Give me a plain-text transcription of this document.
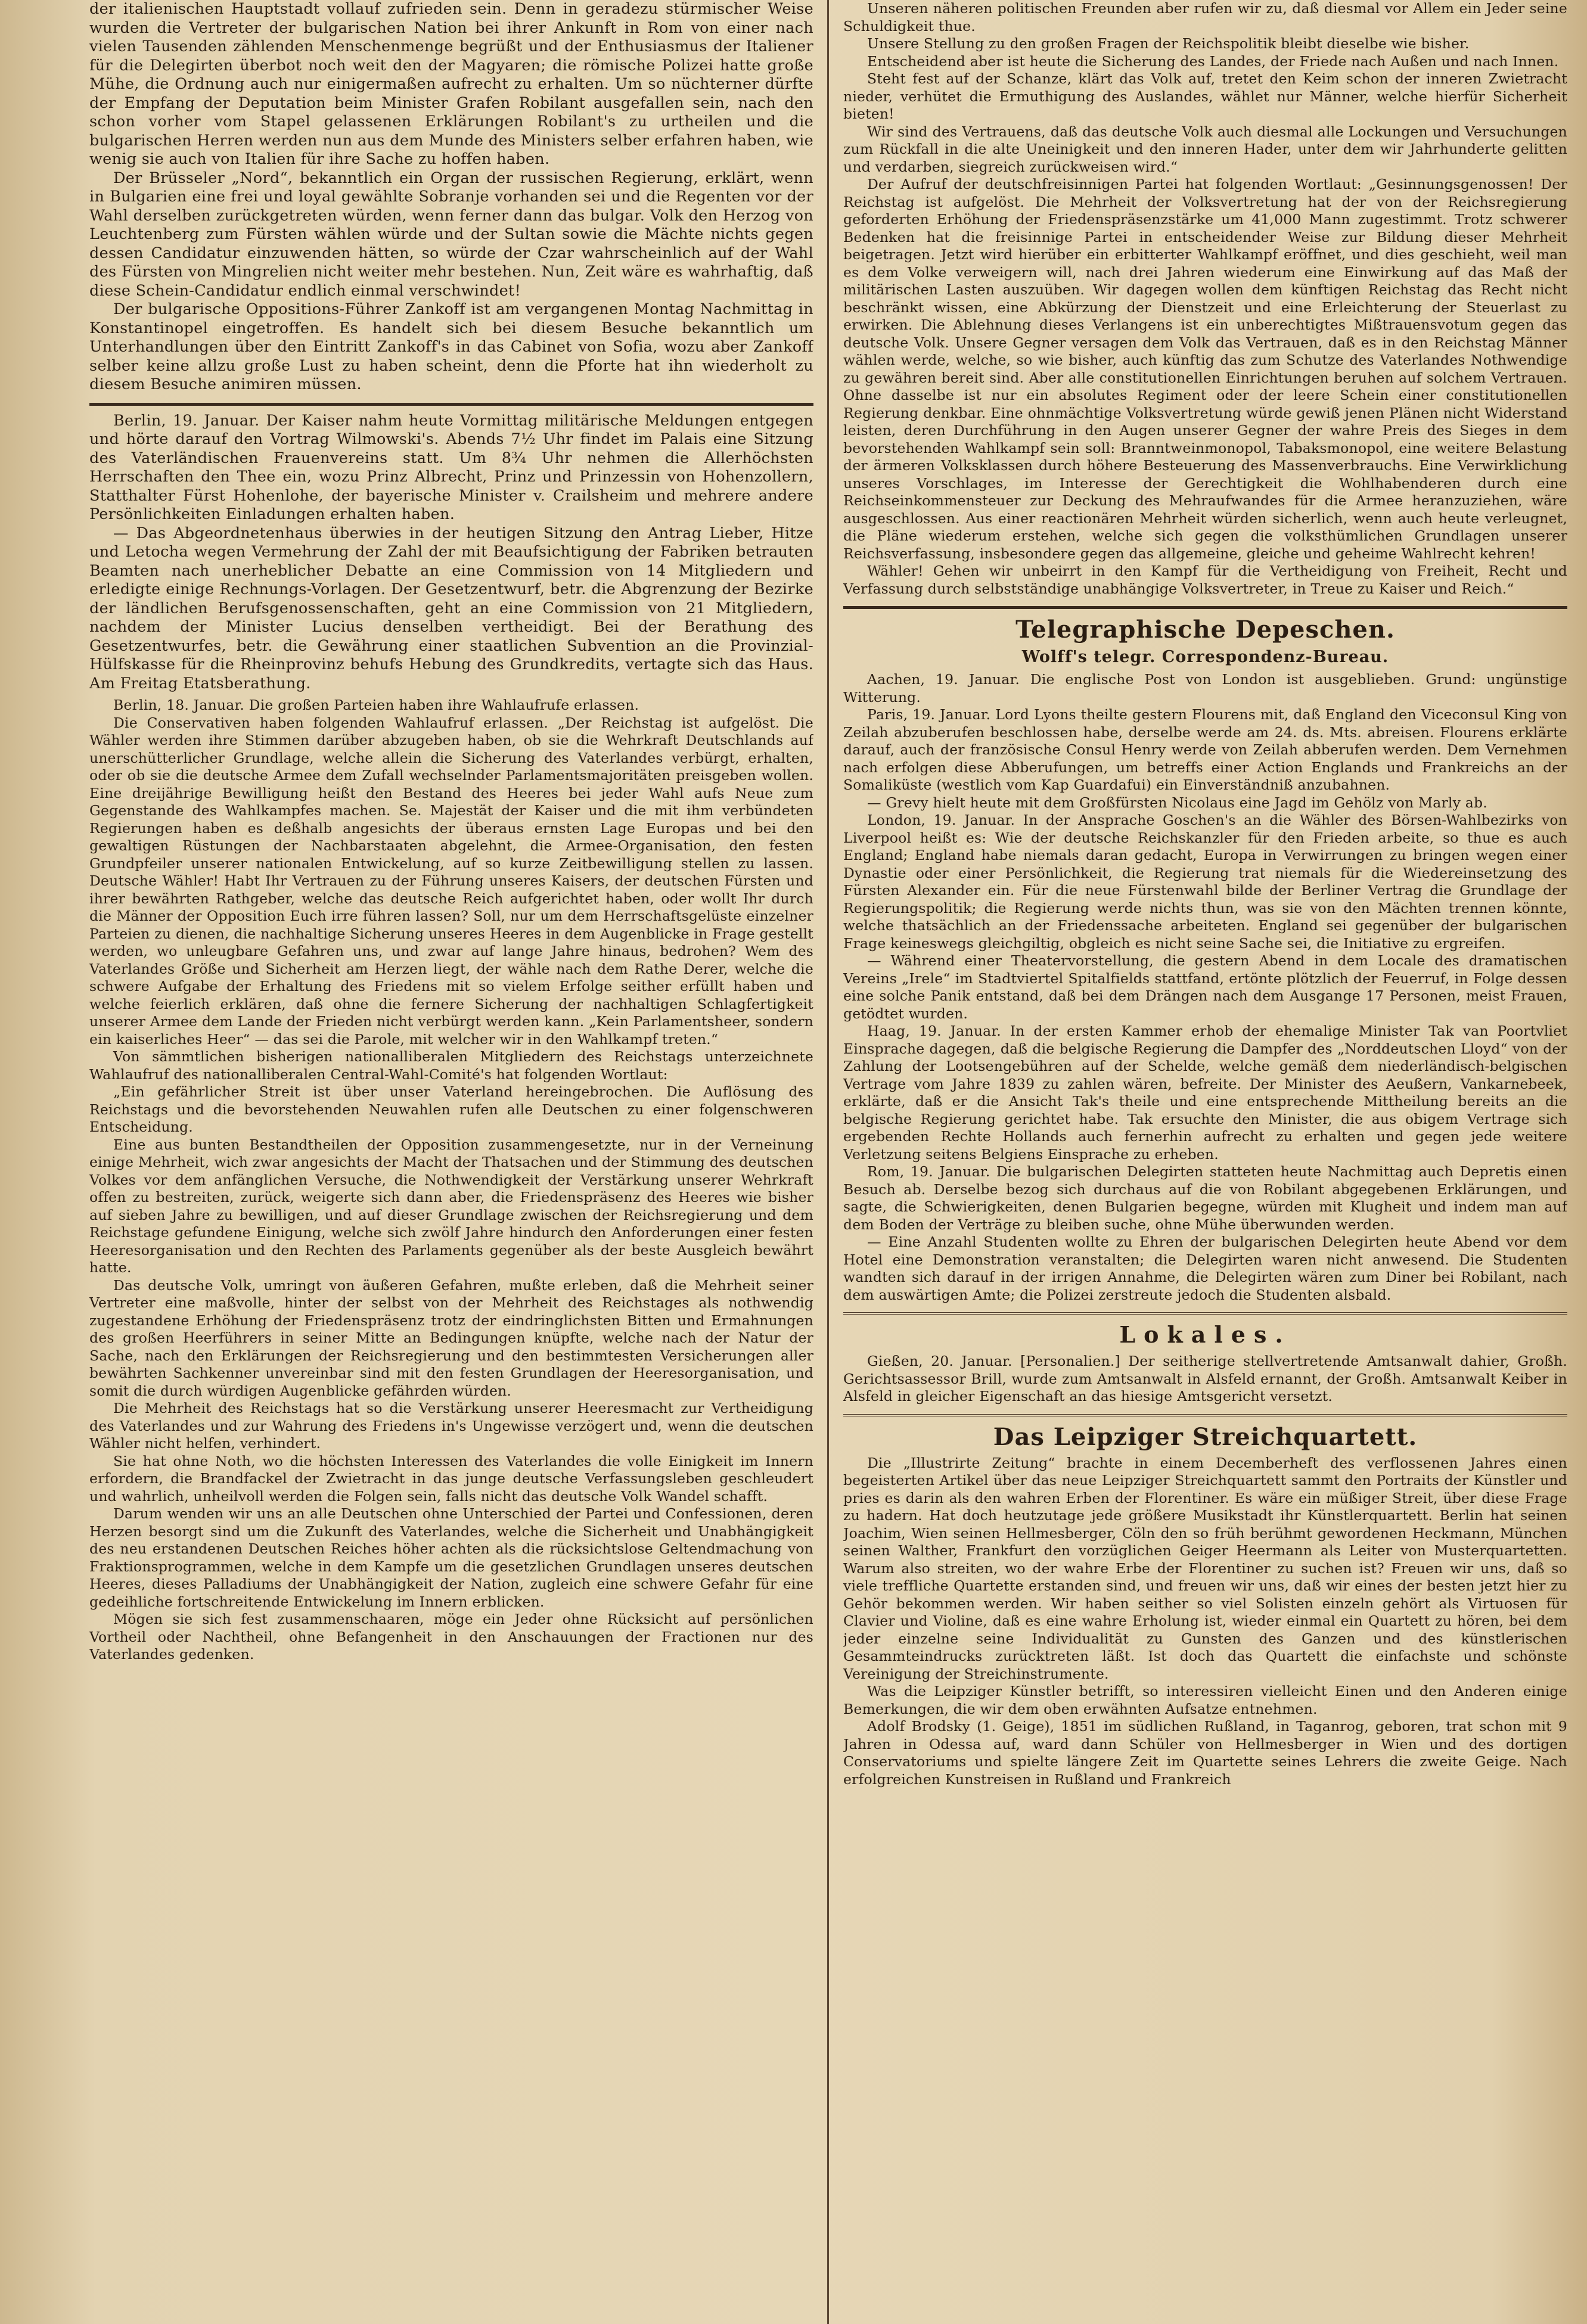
der italienischen Hauptstadt vollauf zufrieden sein. Denn in geradezu stürmischer Weise wurden die Vertreter der bulgarischen Nation bei ihrer Ankunft in Rom von einer nach vielen Tausenden zählenden Menschenmenge begrüßt und der Enthusiasmus der Italiener für die Delegirten überbot noch weit den der Magyaren; die römische Polizei hatte große Mühe, die Ordnung auch nur einigermaßen aufrecht zu erhalten. Um so nüchterner dürfte der Empfang der Deputation beim Minister Grafen Robilant ausgefallen sein, nach den schon vorher vom Stapel gelassenen Erklärungen Robilant's zu urtheilen und die bulgarischen Herren werden nun aus dem Munde des Ministers selber erfahren haben, wie wenig sie auch von Italien für ihre Sache zu hoffen haben.

Der Brüsseler „Nord“, bekanntlich ein Organ der russischen Regierung, erklärt, wenn in Bulgarien eine frei und loyal gewählte Sobranje vorhanden sei und die Regenten vor der Wahl derselben zurückgetreten würden, wenn ferner dann das bulgar. Volk den Herzog von Leuchtenberg zum Fürsten wählen würde und der Sultan sowie die Mächte nichts gegen dessen Candidatur einzuwenden hätten, so würde der Czar wahrscheinlich auf der Wahl des Fürsten von Mingrelien nicht weiter mehr bestehen. Nun, Zeit wäre es wahrhaftig, daß diese Schein-Candidatur endlich einmal verschwindet!

Der bulgarische Oppositions-Führer Zankoff ist am vergangenen Montag Nachmittag in Konstantinopel eingetroffen. Es handelt sich bei diesem Besuche bekanntlich um Unterhandlungen über den Eintritt Zankoff's in das Cabinet von Sofia, wozu aber Zankoff selber keine allzu große Lust zu haben scheint, denn die Pforte hat ihn wiederholt zu diesem Besuche animiren müssen.

Berlin, 19. Januar. Der Kaiser nahm heute Vormittag militärische Meldungen entgegen und hörte darauf den Vortrag Wilmowski's. Abends 7½ Uhr findet im Palais eine Sitzung des Vaterländischen Frauenvereins statt. Um 8¾ Uhr nehmen die Allerhöchsten Herrschaften den Thee ein, wozu Prinz Albrecht, Prinz und Prinzessin von Hohenzollern, Statthalter Fürst Hohenlohe, der bayerische Minister v. Crailsheim und mehrere andere Persönlichkeiten Einladungen erhalten haben.

— Das Abgeordnetenhaus überwies in der heutigen Sitzung den Antrag Lieber, Hitze und Letocha wegen Vermehrung der Zahl der mit Beaufsichtigung der Fabriken betrauten Beamten nach unerheblicher Debatte an eine Commission von 14 Mitgliedern und erledigte einige Rechnungs-Vorlagen. Der Gesetzentwurf, betr. die Abgrenzung der Bezirke der ländlichen Berufsgenossenschaften, geht an eine Commission von 21 Mitgliedern, nachdem der Minister Lucius denselben vertheidigt. Bei der Berathung des Gesetzentwurfes, betr. die Gewährung einer staatlichen Subvention an die Provinzial-Hülfskasse für die Rheinprovinz behufs Hebung des Grundkredits, vertagte sich das Haus. Am Freitag Etatsberathung.

Berlin, 18. Januar. Die großen Parteien haben ihre Wahlaufrufe erlassen.

Die Conservativen haben folgenden Wahlaufruf erlassen. „Der Reichstag ist aufgelöst. Die Wähler werden ihre Stimmen darüber abzugeben haben, ob sie die Wehrkraft Deutschlands auf unerschütterlicher Grundlage, welche allein die Sicherung des Vaterlandes verbürgt, erhalten, oder ob sie die deutsche Armee dem Zufall wechselnder Parlamentsmajoritäten preisgeben wollen. Eine dreijährige Bewilligung heißt den Bestand des Heeres bei jeder Wahl aufs Neue zum Gegenstande des Wahlkampfes machen. Se. Majestät der Kaiser und die mit ihm verbündeten Regierungen haben es deßhalb angesichts der überaus ernsten Lage Europas und bei den gewaltigen Rüstungen der Nachbarstaaten abgelehnt, die Armee-Organisation, den festen Grundpfeiler unserer nationalen Entwickelung, auf so kurze Zeitbewilligung stellen zu lassen. Deutsche Wähler! Habt Ihr Vertrauen zu der Führung unseres Kaisers, der deutschen Fürsten und ihrer bewährten Rathgeber, welche das deutsche Reich aufgerichtet haben, oder wollt Ihr durch die Männer der Opposition Euch irre führen lassen? Soll, nur um dem Herrschaftsgelüste einzelner Parteien zu dienen, die nachhaltige Sicherung unseres Heeres in dem Augenblicke in Frage gestellt werden, wo unleugbare Gefahren uns, und zwar auf lange Jahre hinaus, bedrohen? Wem des Vaterlandes Größe und Sicherheit am Herzen liegt, der wähle nach dem Rathe Derer, welche die schwere Aufgabe der Erhaltung des Friedens mit so vielem Erfolge seither erfüllt haben und welche feierlich erklären, daß ohne die fernere Sicherung der nachhaltigen Schlagfertigkeit unserer Armee dem Lande der Frieden nicht verbürgt werden kann. „Kein Parlamentsheer, sondern ein kaiserliches Heer“ — das sei die Parole, mit welcher wir in den Wahlkampf treten.“

Von sämmtlichen bisherigen nationalliberalen Mitgliedern des Reichstags unterzeichnete Wahlaufruf des nationalliberalen Central-Wahl-Comité's hat folgenden Wortlaut:

„Ein gefährlicher Streit ist über unser Vaterland hereingebrochen. Die Auflösung des Reichstags und die bevorstehenden Neuwahlen rufen alle Deutschen zu einer folgenschweren Entscheidung.

Eine aus bunten Bestandtheilen der Opposition zusammengesetzte, nur in der Verneinung einige Mehrheit, wich zwar angesichts der Macht der Thatsachen und der Stimmung des deutschen Volkes vor dem anfänglichen Versuche, die Nothwendigkeit der Verstärkung unserer Wehrkraft offen zu bestreiten, zurück, weigerte sich dann aber, die Friedenspräsenz des Heeres wie bisher auf sieben Jahre zu bewilligen, und auf dieser Grundlage zwischen der Reichsregierung und dem Reichstage gefundene Einigung, welche sich zwölf Jahre hindurch den Anforderungen einer festen Heeresorganisation und den Rechten des Parlaments gegenüber als der beste Ausgleich bewährt hatte.

Das deutsche Volk, umringt von äußeren Gefahren, mußte erleben, daß die Mehrheit seiner Vertreter eine maßvolle, hinter der selbst von der Mehrheit des Reichstages als nothwendig zugestandene Erhöhung der Friedenspräsenz trotz der eindringlichsten Bitten und Ermahnungen des großen Heerführers in seiner Mitte an Bedingungen knüpfte, welche nach der Natur der Sache, nach den Erklärungen der Reichsregierung und den bestimmtesten Versicherungen aller bewährten Sachkenner unvereinbar sind mit den festen Grundlagen der Heeresorganisation, und somit die durch würdigen Augenblicke gefährden würden.

Die Mehrheit des Reichstags hat so die Verstärkung unserer Heeresmacht zur Vertheidigung des Vaterlandes und zur Wahrung des Friedens in's Ungewisse verzögert und, wenn die deutschen Wähler nicht helfen, verhindert.

Sie hat ohne Noth, wo die höchsten Interessen des Vaterlandes die volle Einigkeit im Innern erfordern, die Brandfackel der Zwietracht in das junge deutsche Verfassungsleben geschleudert und wahrlich, unheilvoll werden die Folgen sein, falls nicht das deutsche Volk Wandel schafft.

Darum wenden wir uns an alle Deutschen ohne Unterschied der Partei und Confessionen, deren Herzen besorgt sind um die Zukunft des Vaterlandes, welche die Sicherheit und Unabhängigkeit des neu erstandenen Deutschen Reiches höher achten als die rücksichtslose Geltendmachung von Fraktionsprogrammen, welche in dem Kampfe um die gesetzlichen Grundlagen unseres deutschen Heeres, dieses Palladiums der Unabhängigkeit der Nation, zugleich eine schwere Gefahr für eine gedeihliche fortschreitende Entwickelung im Innern erblicken.

Mögen sie sich fest zusammenschaaren, möge ein Jeder ohne Rücksicht auf persönlichen Vortheil oder Nachtheil, ohne Befangenheit in den Anschauungen der Fractionen nur des Vaterlandes gedenken.

Unseren näheren politischen Freunden aber rufen wir zu, daß diesmal vor Allem ein Jeder seine Schuldigkeit thue.

Unsere Stellung zu den großen Fragen der Reichspolitik bleibt dieselbe wie bisher.

Entscheidend aber ist heute die Sicherung des Landes, der Friede nach Außen und nach Innen.

Steht fest auf der Schanze, klärt das Volk auf, tretet den Keim schon der inneren Zwietracht nieder, verhütet die Ermuthigung des Auslandes, wählet nur Männer, welche hierfür Sicherheit bieten!

Wir sind des Vertrauens, daß das deutsche Volk auch diesmal alle Lockungen und Versuchungen zum Rückfall in die alte Uneinigkeit und den inneren Hader, unter dem wir Jahrhunderte gelitten und verdarben, siegreich zurückweisen wird.“

Der Aufruf der deutschfreisinnigen Partei hat folgenden Wortlaut: „Gesinnungsgenossen! Der Reichstag ist aufgelöst. Die Mehrheit der Volksvertretung hat der von der Reichsregierung geforderten Erhöhung der Friedenspräsenzstärke um 41,000 Mann zugestimmt. Trotz schwerer Bedenken hat die freisinnige Partei in entscheidender Weise zur Bildung dieser Mehrheit beigetragen. Jetzt wird hierüber ein erbitterter Wahlkampf eröffnet, und dies geschieht, weil man es dem Volke verweigern will, nach drei Jahren wiederum eine Einwirkung auf das Maß der militärischen Lasten auszuüben. Wir dagegen wollen dem künftigen Reichstag das Recht nicht beschränkt wissen, eine Abkürzung der Dienstzeit und eine Erleichterung der Steuerlast zu erwirken. Die Ablehnung dieses Verlangens ist ein unberechtigtes Mißtrauensvotum gegen das deutsche Volk. Unsere Gegner versagen dem Volk das Vertrauen, daß es in den Reichstag Männer wählen werde, welche, so wie bisher, auch künftig das zum Schutze des Vaterlandes Nothwendige zu gewähren bereit sind. Aber alle constitutionellen Einrichtungen beruhen auf solchem Vertrauen. Ohne dasselbe ist nur ein absolutes Regiment oder der leere Schein einer constitutionellen Regierung denkbar. Eine ohnmächtige Volksvertretung würde gewiß jenen Plänen nicht Widerstand leisten, deren Durchführung in den Augen unserer Gegner der wahre Preis des Sieges in dem bevorstehenden Wahlkampf sein soll: Branntweinmonopol, Tabaksmonopol, eine weitere Belastung der ärmeren Volksklassen durch höhere Besteuerung des Massenverbrauchs. Eine Verwirklichung unseres Vorschlages, im Interesse der Gerechtigkeit die Wohlhabenderen durch eine Reichseinkommensteuer zur Deckung des Mehraufwandes für die Armee heranzuziehen, wäre ausgeschlossen. Aus einer reactionären Mehrheit würden sicherlich, wenn auch heute verleugnet, die Pläne wiederum erstehen, welche sich gegen die volksthümlichen Grundlagen unserer Reichsverfassung, insbesondere gegen das allgemeine, gleiche und geheime Wahlrecht kehren!

Wähler! Gehen wir unbeirrt in den Kampf für die Vertheidigung von Freiheit, Recht und Verfassung durch selbstständige unabhängige Volksvertreter, in Treue zu Kaiser und Reich.“

Telegraphische Depeschen.
Wolff's telegr. Correspondenz-Bureau.

Aachen, 19. Januar. Die englische Post von London ist ausgeblieben. Grund: ungünstige Witterung.

Paris, 19. Januar. Lord Lyons theilte gestern Flourens mit, daß England den Viceconsul King von Zeilah abzuberufen beschlossen habe, derselbe werde am 24. ds. Mts. abreisen. Flourens erklärte darauf, auch der französische Consul Henry werde von Zeilah abberufen werden. Dem Vernehmen nach erfolgen diese Abberufungen, um betreffs einer Action Englands und Frankreichs an der Somaliküste (westlich vom Kap Guardafui) ein Einverständniß anzubahnen.

— Grevy hielt heute mit dem Großfürsten Nicolaus eine Jagd im Gehölz von Marly ab.

London, 19. Januar. In der Ansprache Goschen's an die Wähler des Börsen-Wahlbezirks von Liverpool heißt es: Wie der deutsche Reichskanzler für den Frieden arbeite, so thue es auch England; England habe niemals daran gedacht, Europa in Verwirrungen zu bringen wegen einer Dynastie oder einer Persönlichkeit, die Regierung trat niemals für die Wiedereinsetzung des Fürsten Alexander ein. Für die neue Fürstenwahl bilde der Berliner Vertrag die Grundlage der Regierungspolitik; die Regierung werde nichts thun, was sie von den Mächten trennen könnte, welche thatsächlich an der Friedenssache arbeiteten. England sei gegenüber der bulgarischen Frage keineswegs gleichgiltig, obgleich es nicht seine Sache sei, die Initiative zu ergreifen.

— Während einer Theatervorstellung, die gestern Abend in dem Locale des dramatischen Vereins „Irele“ im Stadtviertel Spitalfields stattfand, ertönte plötzlich der Feuerruf, in Folge dessen eine solche Panik entstand, daß bei dem Drängen nach dem Ausgange 17 Personen, meist Frauen, getödtet wurden.

Haag, 19. Januar. In der ersten Kammer erhob der ehemalige Minister Tak van Poortvliet Einsprache dagegen, daß die belgische Regierung die Dampfer des „Norddeutschen Lloyd“ von der Zahlung der Lootsengebühren auf der Schelde, welche gemäß dem niederländisch-belgischen Vertrage vom Jahre 1839 zu zahlen wären, befreite. Der Minister des Aeußern, Vankarnebeek, erklärte, daß er die Ansicht Tak's theile und eine entsprechende Mittheilung bereits an die belgische Regierung gerichtet habe. Tak ersuchte den Minister, die aus obigem Vertrage sich ergebenden Rechte Hollands auch fernerhin aufrecht zu erhalten und gegen jede weitere Verletzung seitens Belgiens Einsprache zu erheben.

Rom, 19. Januar. Die bulgarischen Delegirten statteten heute Nachmittag auch Depretis einen Besuch ab. Derselbe bezog sich durchaus auf die von Robilant abgegebenen Erklärungen, und sagte, die Schwierigkeiten, denen Bulgarien begegne, würden mit Klugheit und indem man auf dem Boden der Verträge zu bleiben suche, ohne Mühe überwunden werden.

— Eine Anzahl Studenten wollte zu Ehren der bulgarischen Delegirten heute Abend vor dem Hotel eine Demonstration veranstalten; die Delegirten waren nicht anwesend. Die Studenten wandten sich darauf in der irrigen Annahme, die Delegirten wären zum Diner bei Robilant, nach dem auswärtigen Amte; die Polizei zerstreute jedoch die Studenten alsbald.

Lokales.

Gießen, 20. Januar. [Personalien.] Der seitherige stellvertretende Amtsanwalt dahier, Großh. Gerichtsassessor Brill, wurde zum Amtsanwalt in Alsfeld ernannt, der Großh. Amtsanwalt Keiber in Alsfeld in gleicher Eigenschaft an das hiesige Amtsgericht versetzt.

Das Leipziger Streichquartett.

Die „Illustrirte Zeitung“ brachte in einem Decemberheft des verflossenen Jahres einen begeisterten Artikel über das neue Leipziger Streichquartett sammt den Portraits der Künstler und pries es darin als den wahren Erben der Florentiner. Es wäre ein müßiger Streit, über diese Frage zu hadern. Hat doch heutzutage jede größere Musikstadt ihr Künstlerquartett. Berlin hat seinen Joachim, Wien seinen Hellmesberger, Cöln den so früh berühmt gewordenen Heckmann, München seinen Walther, Frankfurt den vorzüglichen Geiger Heermann als Leiter von Musterquartetten. Warum also streiten, wo der wahre Erbe der Florentiner zu suchen ist? Freuen wir uns, daß so viele treffliche Quartette erstanden sind, und freuen wir uns, daß wir eines der besten jetzt hier zu Gehör bekommen werden. Wir haben seither so viel Solisten einzeln gehört als Virtuosen für Clavier und Violine, daß es eine wahre Erholung ist, wieder einmal ein Quartett zu hören, bei dem jeder einzelne seine Individualität zu Gunsten des Ganzen und des künstlerischen Gesammteindrucks zurücktreten läßt. Ist doch das Quartett die einfachste und schönste Vereinigung der Streichinstrumente.

Was die Leipziger Künstler betrifft, so interessiren vielleicht Einen und den Anderen einige Bemerkungen, die wir dem oben erwähnten Aufsatze entnehmen.

Adolf Brodsky (1. Geige), 1851 im südlichen Rußland, in Taganrog, geboren, trat schon mit 9 Jahren in Odessa auf, ward dann Schüler von Hellmesberger in Wien und des dortigen Conservatoriums und spielte längere Zeit im Quartette seines Lehrers die zweite Geige. Nach erfolgreichen Kunstreisen in Rußland und Frankreich
